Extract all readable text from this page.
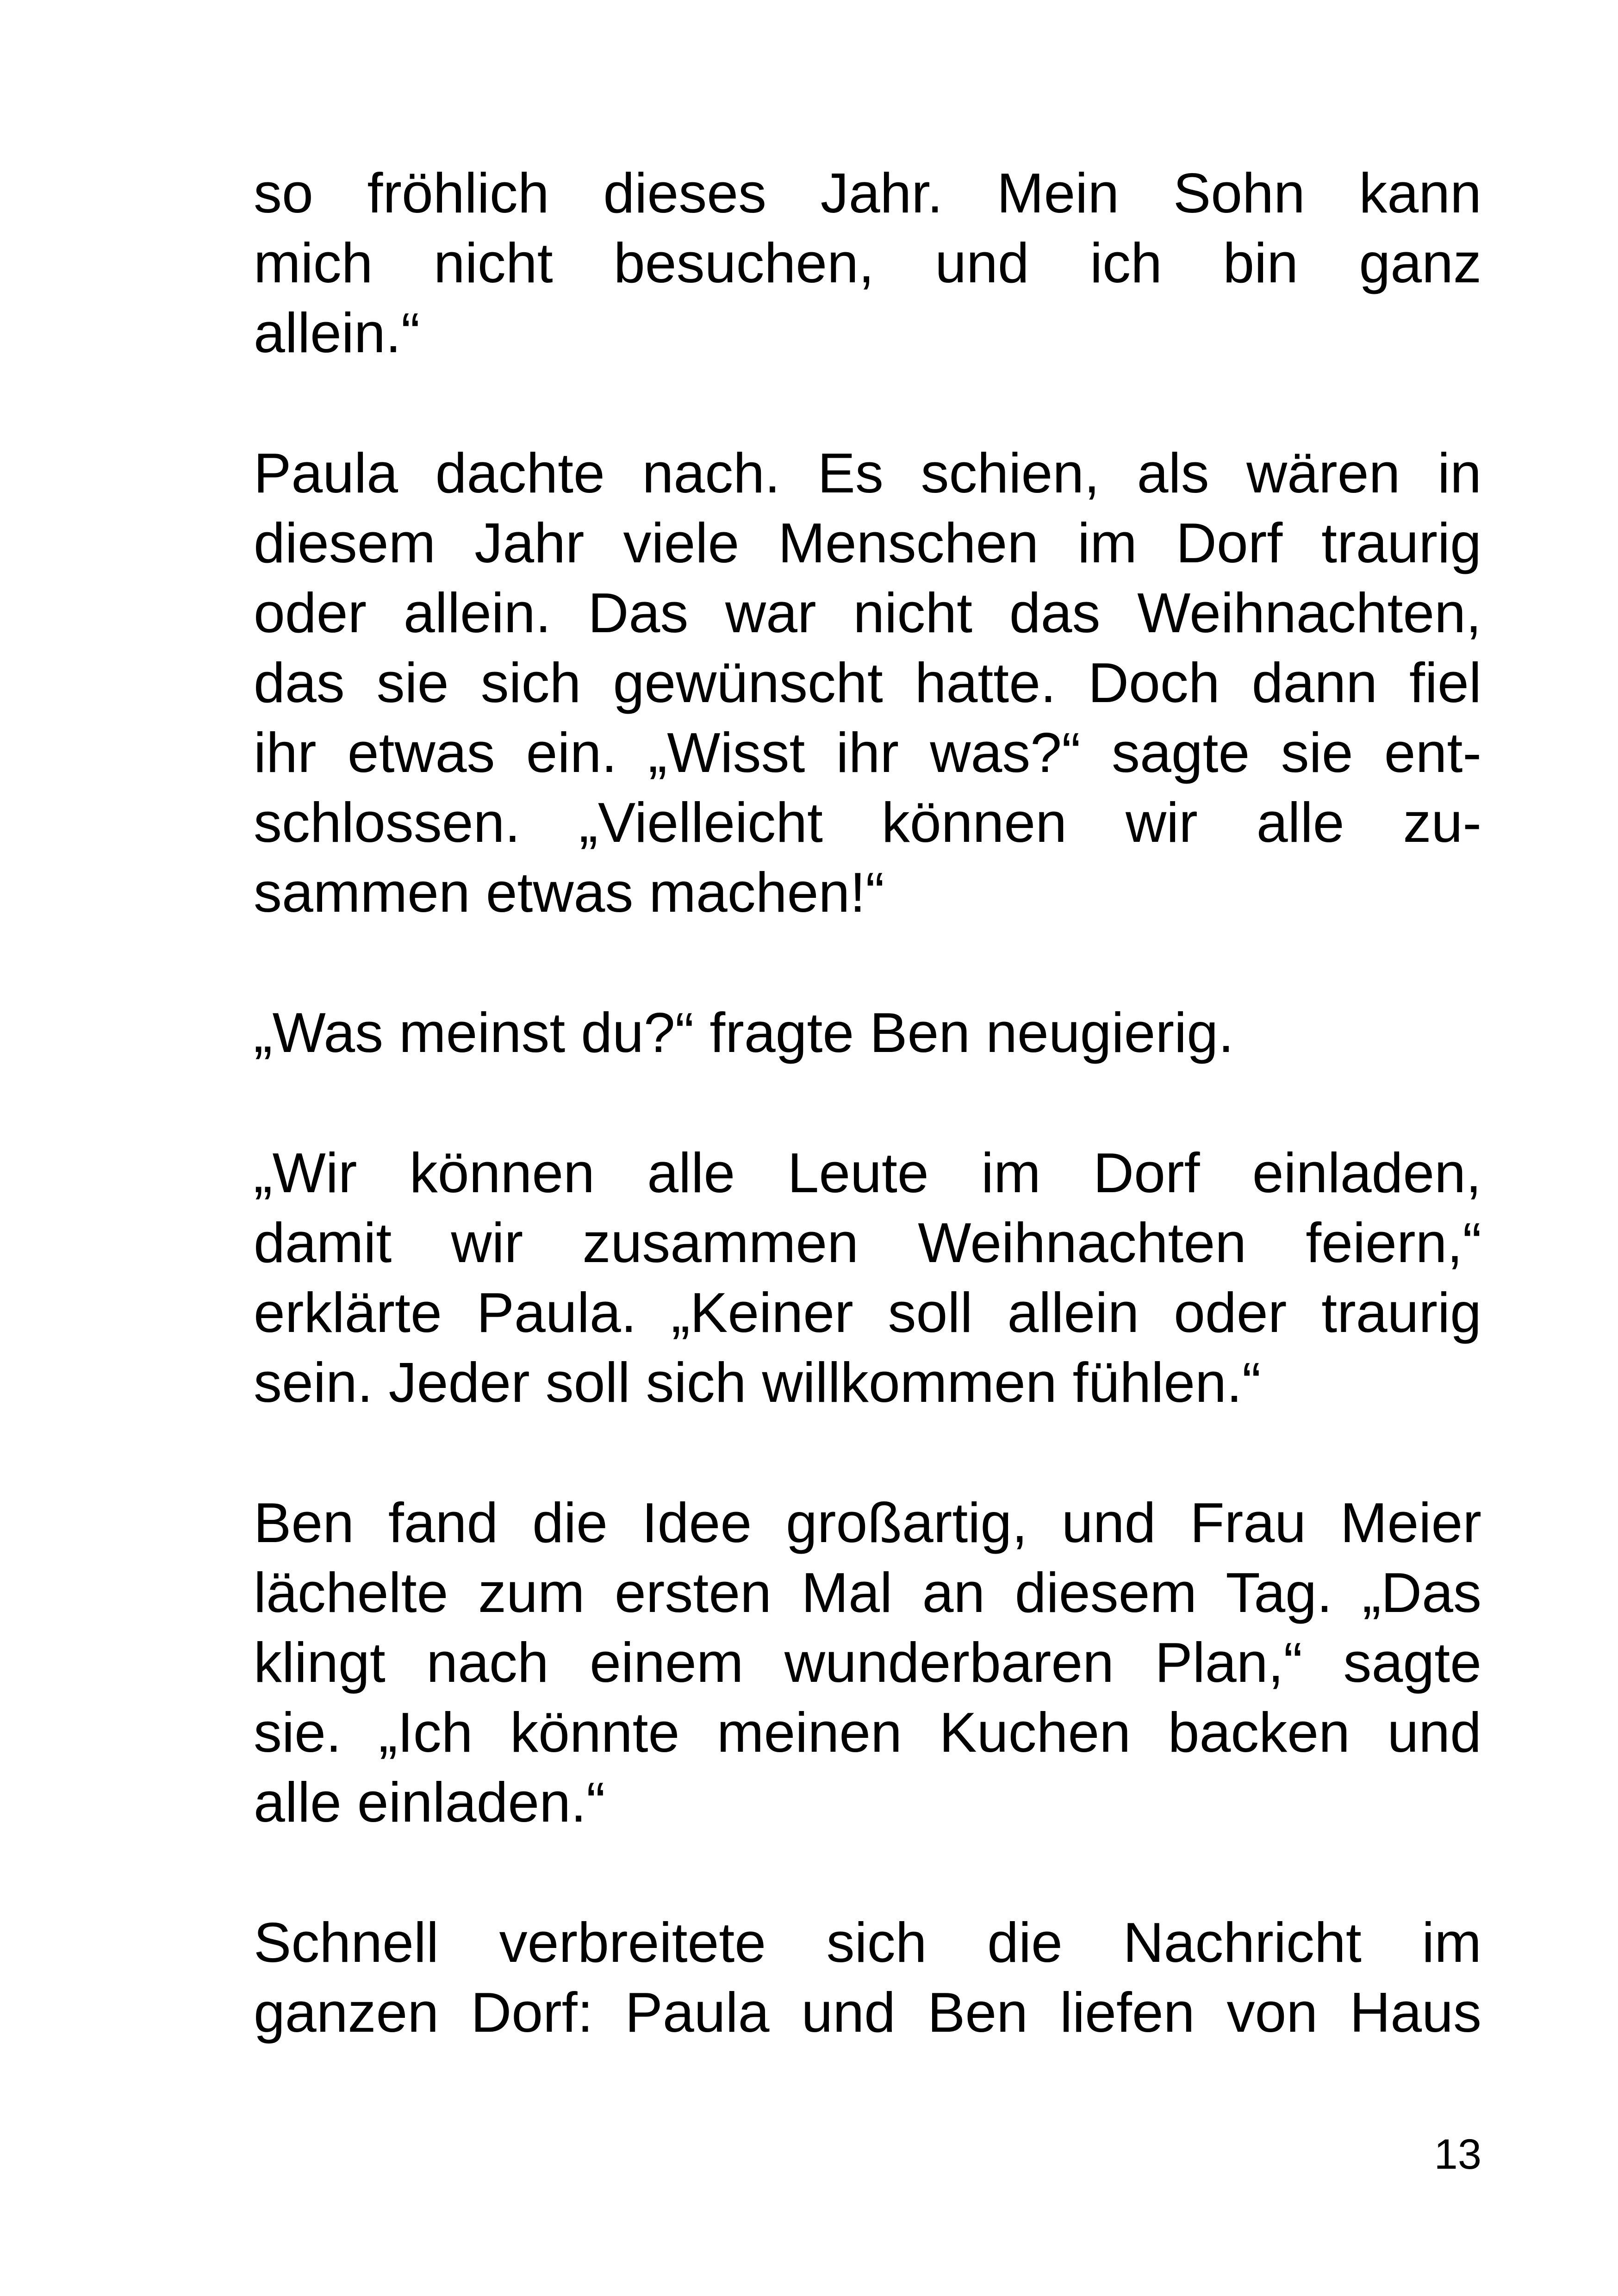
so fröhlich dieses Jahr. Mein Sohn kann
mich nicht besuchen, und ich bin ganz
allein.“

Paula dachte nach. Es schien, als wären in
diesem Jahr viele Menschen im Dorf traurig
oder allein. Das war nicht das Weihnachten,
das sie sich gewünscht hatte. Doch dann fiel
ihr etwas ein. „Wisst ihr was?“ sagte sie ent-
schlossen. „Vielleicht können wir alle zu-
sammen etwas machen!“

„Was meinst du?“ fragte Ben neugierig.

„Wir können alle Leute im Dorf einladen,
damit wir zusammen Weihnachten feiern,“
erklärte Paula. „Keiner soll allein oder traurig
sein. Jeder soll sich willkommen fühlen.“

Ben fand die Idee großartig, und Frau Meier
lächelte zum ersten Mal an diesem Tag. „Das
klingt nach einem wunderbaren Plan,“ sagte
sie. „Ich könnte meinen Kuchen backen und
alle einladen.“

Schnell verbreitete sich die Nachricht im
ganzen Dorf: Paula und Ben liefen von Haus

13
